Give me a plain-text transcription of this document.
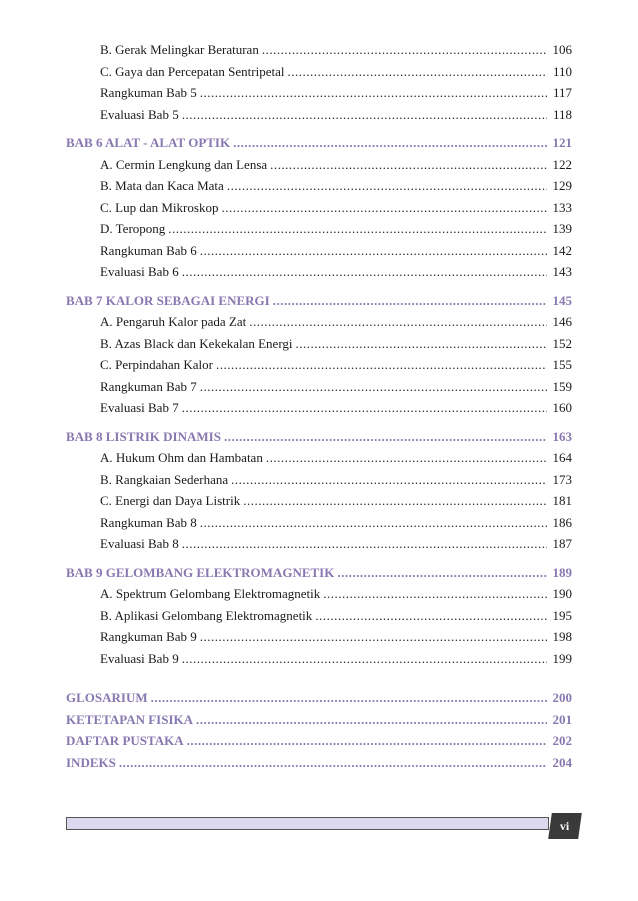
B. Gerak Melingkar Beraturan .....	106
C. Gaya dan Percepatan Sentripetal .....	110
Rangkuman Bab 5 .....	117
Evaluasi Bab 5 .....	118
BAB 6 ALAT - ALAT OPTIK .....	121
A. Cermin Lengkung dan Lensa .....	122
B. Mata dan Kaca Mata .....	129
C. Lup dan Mikroskop .....	133
D. Teropong .....	139
Rangkuman Bab 6 .....	142
Evaluasi Bab 6 .....	143
BAB 7 KALOR SEBAGAI ENERGI .....	145
A. Pengaruh Kalor pada Zat .....	146
B. Azas Black dan Kekekalan Energi .....	152
C. Perpindahan Kalor .....	155
Rangkuman Bab 7 .....	159
Evaluasi Bab 7 .....	160
BAB 8 LISTRIK DINAMIS .....	163
A. Hukum Ohm dan Hambatan .....	164
B. Rangkaian Sederhana .....	173
C. Energi dan Daya Listrik .....	181
Rangkuman Bab 8 .....	186
Evaluasi Bab 8 .....	187
BAB 9 GELOMBANG ELEKTROMAGNETIK .....	189
A. Spektrum Gelombang Elektromagnetik .....	190
B. Aplikasi Gelombang Elektromagnetik .....	195
Rangkuman Bab 9 .....	198
Evaluasi Bab 9 .....	199
GLOSARIUM .....	200
KETETAPAN FISIKA .....	201
DAFTAR PUSTAKA .....	202
INDEKS .....	204
vi
